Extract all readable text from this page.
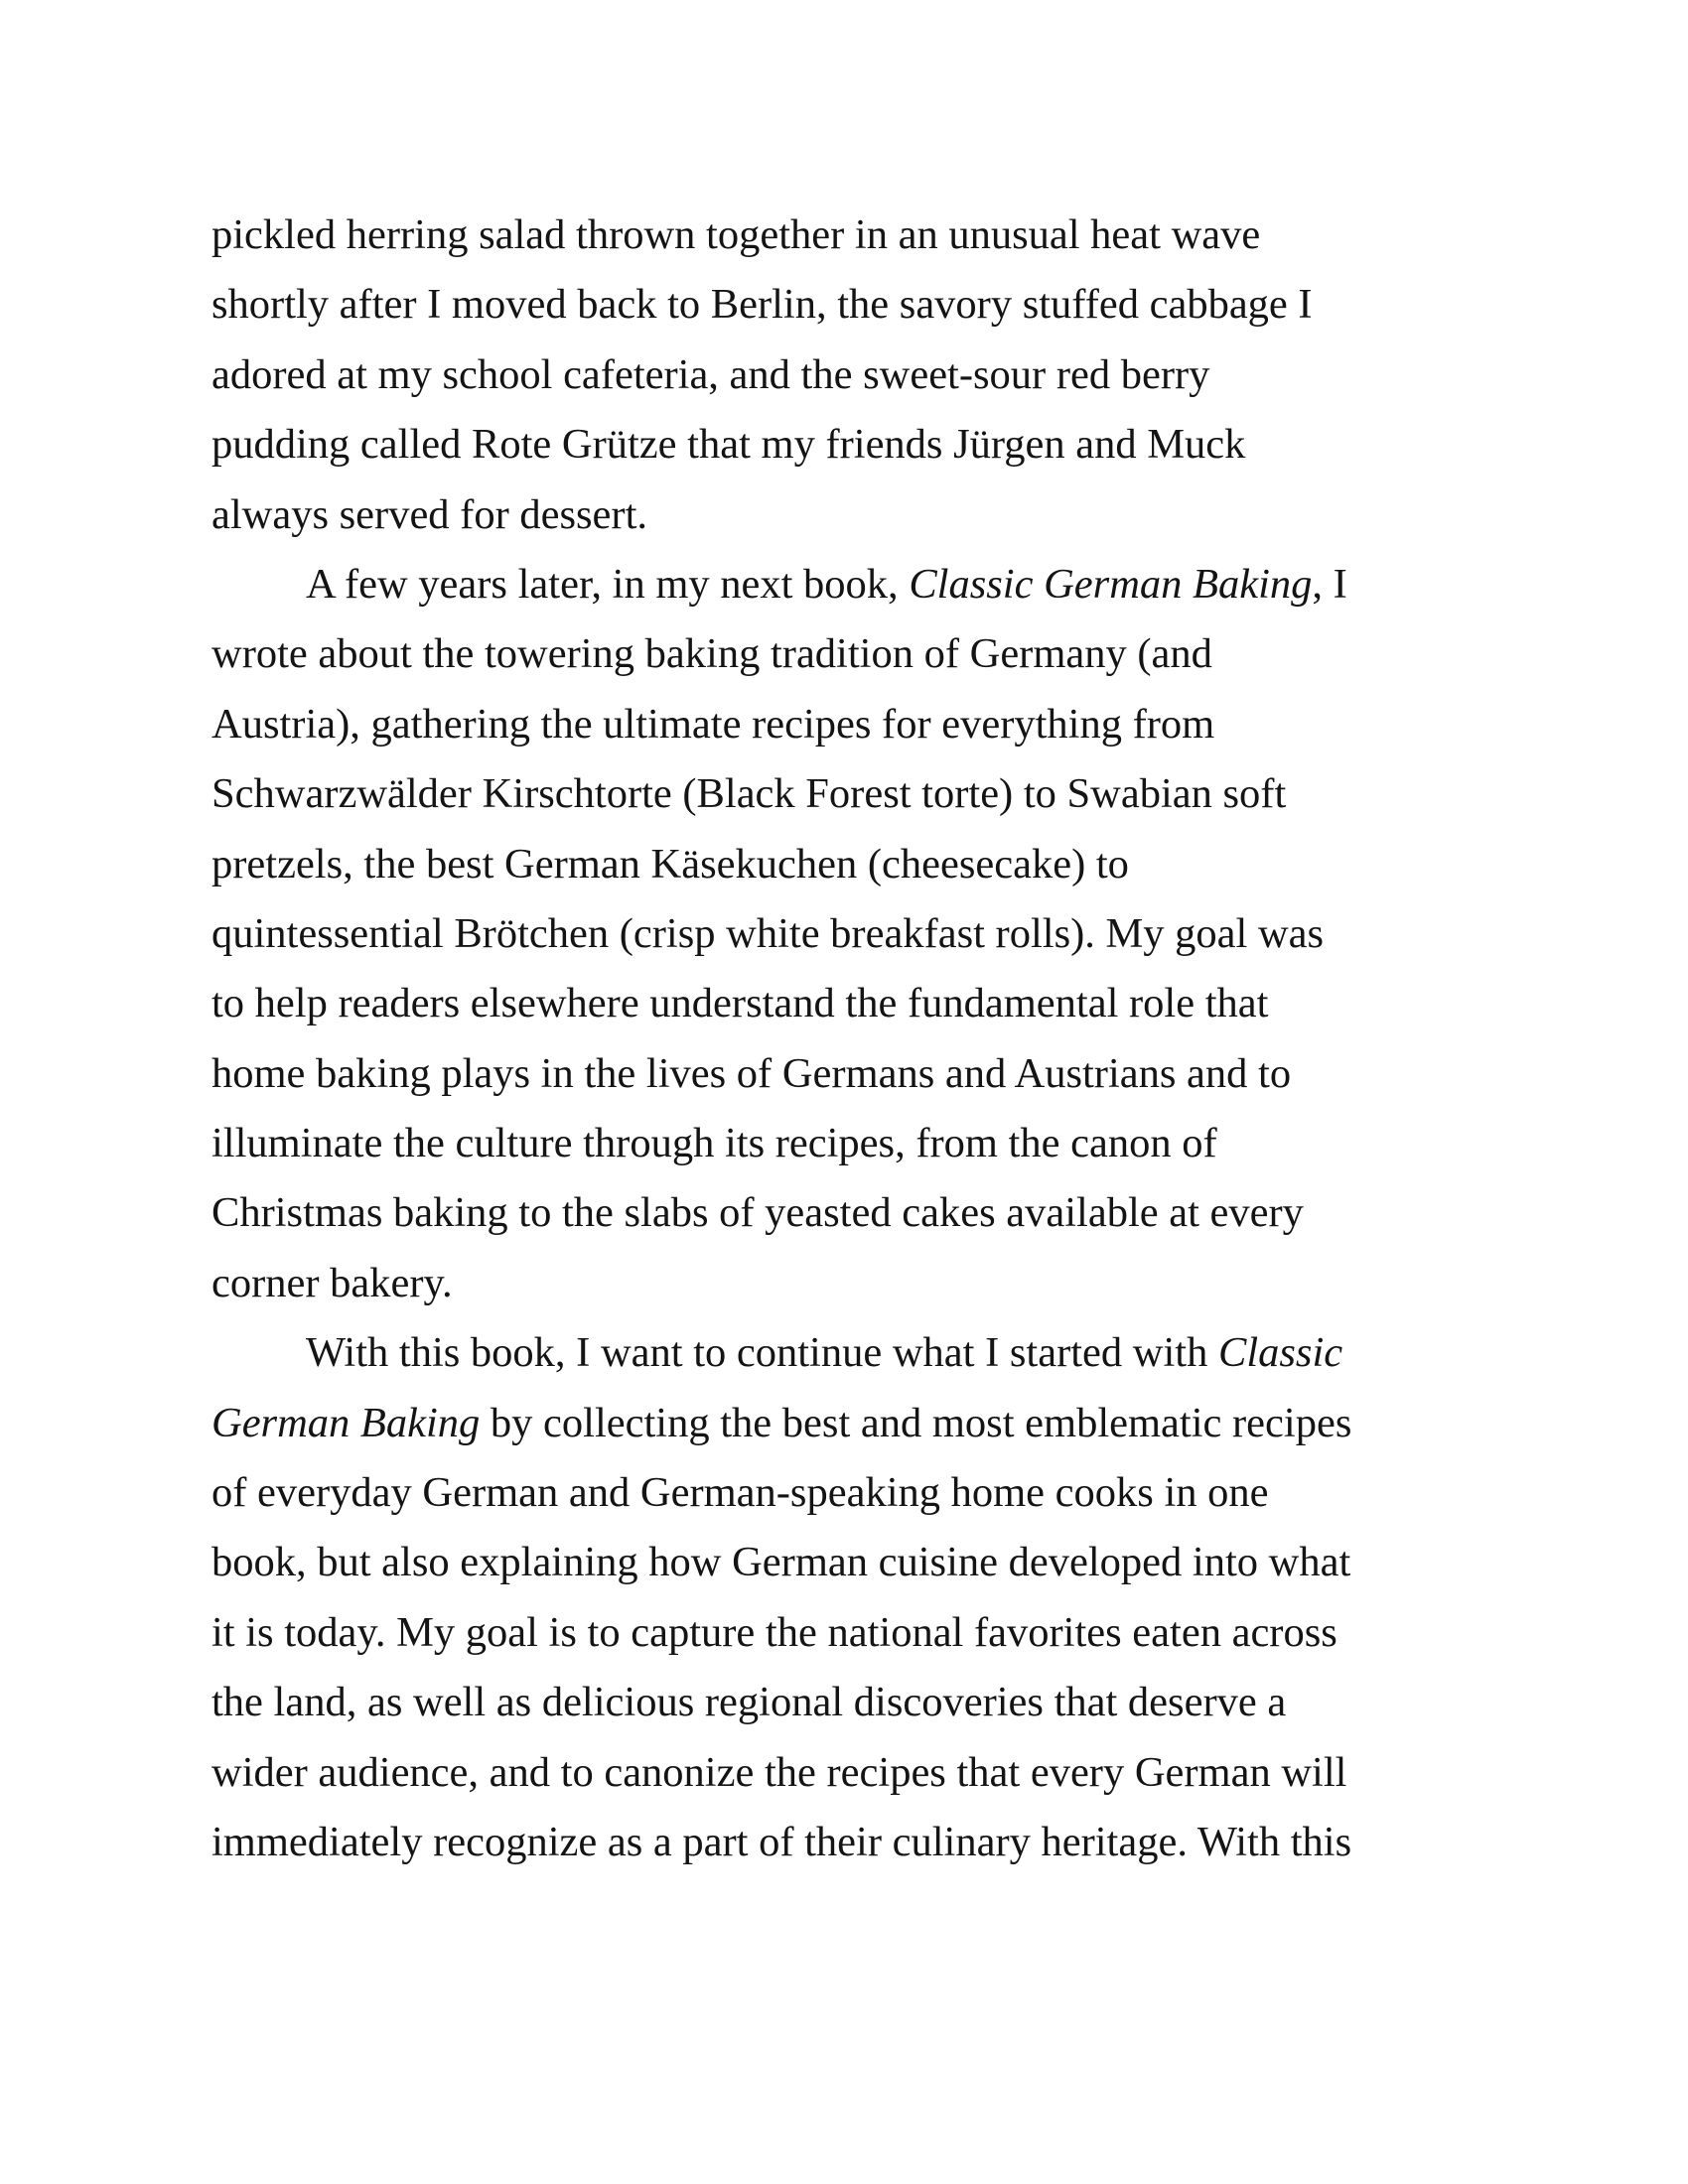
pickled herring salad thrown together in an unusual heat wave
shortly after I moved back to Berlin, the savory stuffed cabbage I
adored at my school cafeteria, and the sweet-sour red berry
pudding called Rote Grütze that my friends Jürgen and Muck
always served for dessert.
A few years later, in my next book, Classic German Baking, I
wrote about the towering baking tradition of Germany (and
Austria), gathering the ultimate recipes for everything from
Schwarzwälder Kirschtorte (Black Forest torte) to Swabian soft
pretzels, the best German Käsekuchen (cheesecake) to
quintessential Brötchen (crisp white breakfast rolls). My goal was
to help readers elsewhere understand the fundamental role that
home baking plays in the lives of Germans and Austrians and to
illuminate the culture through its recipes, from the canon of
Christmas baking to the slabs of yeasted cakes available at every
corner bakery.
With this book, I want to continue what I started with Classic
German Baking by collecting the best and most emblematic recipes
of everyday German and German-speaking home cooks in one
book, but also explaining how German cuisine developed into what
it is today. My goal is to capture the national favorites eaten across
the land, as well as delicious regional discoveries that deserve a
wider audience, and to canonize the recipes that every German will
immediately recognize as a part of their culinary heritage. With this
